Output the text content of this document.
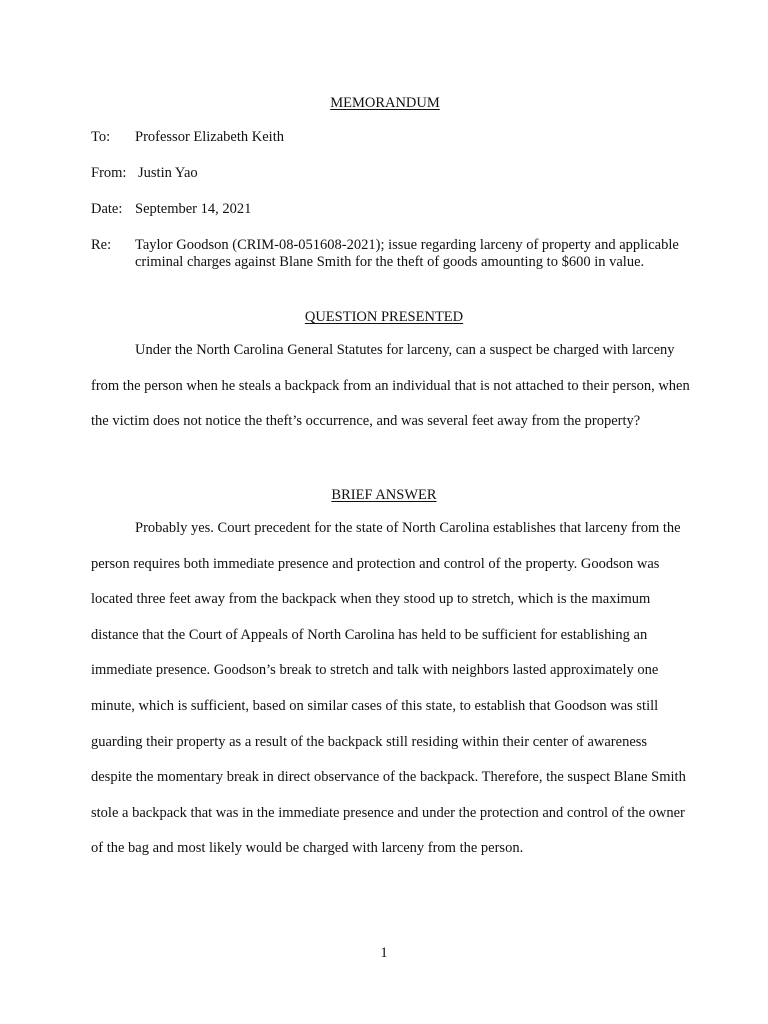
MEMORANDUM
To:	Professor Elizabeth Keith
From: Justin Yao
Date: September 14, 2021
Re:	Taylor Goodson (CRIM-08-051608-2021); issue regarding larceny of property and applicable criminal charges against Blane Smith for the theft of goods amounting to $600 in value.
QUESTION PRESENTED

Under the North Carolina General Statutes for larceny, can a suspect be charged with larceny from the person when he steals a backpack from an individual that is not attached to their person, when the victim does not notice the theft’s occurrence, and was several feet away from the property?

BRIEF ANSWER

Probably yes. Court precedent for the state of North Carolina establishes that larceny from the person requires both immediate presence and protection and control of the property. Goodson was located three feet away from the backpack when they stood up to stretch, which is the maximum distance that the Court of Appeals of North Carolina has held to be sufficient for establishing an immediate presence. Goodson’s break to stretch and talk with neighbors lasted approximately one minute, which is sufficient, based on similar cases of this state, to establish that Goodson was still guarding their property as a result of the backpack still residing within their center of awareness despite the momentary break in direct observance of the backpack. Therefore, the suspect Blane Smith stole a backpack that was in the immediate presence and under the protection and control of the owner of the bag and most likely would be charged with larceny from the person.

1
